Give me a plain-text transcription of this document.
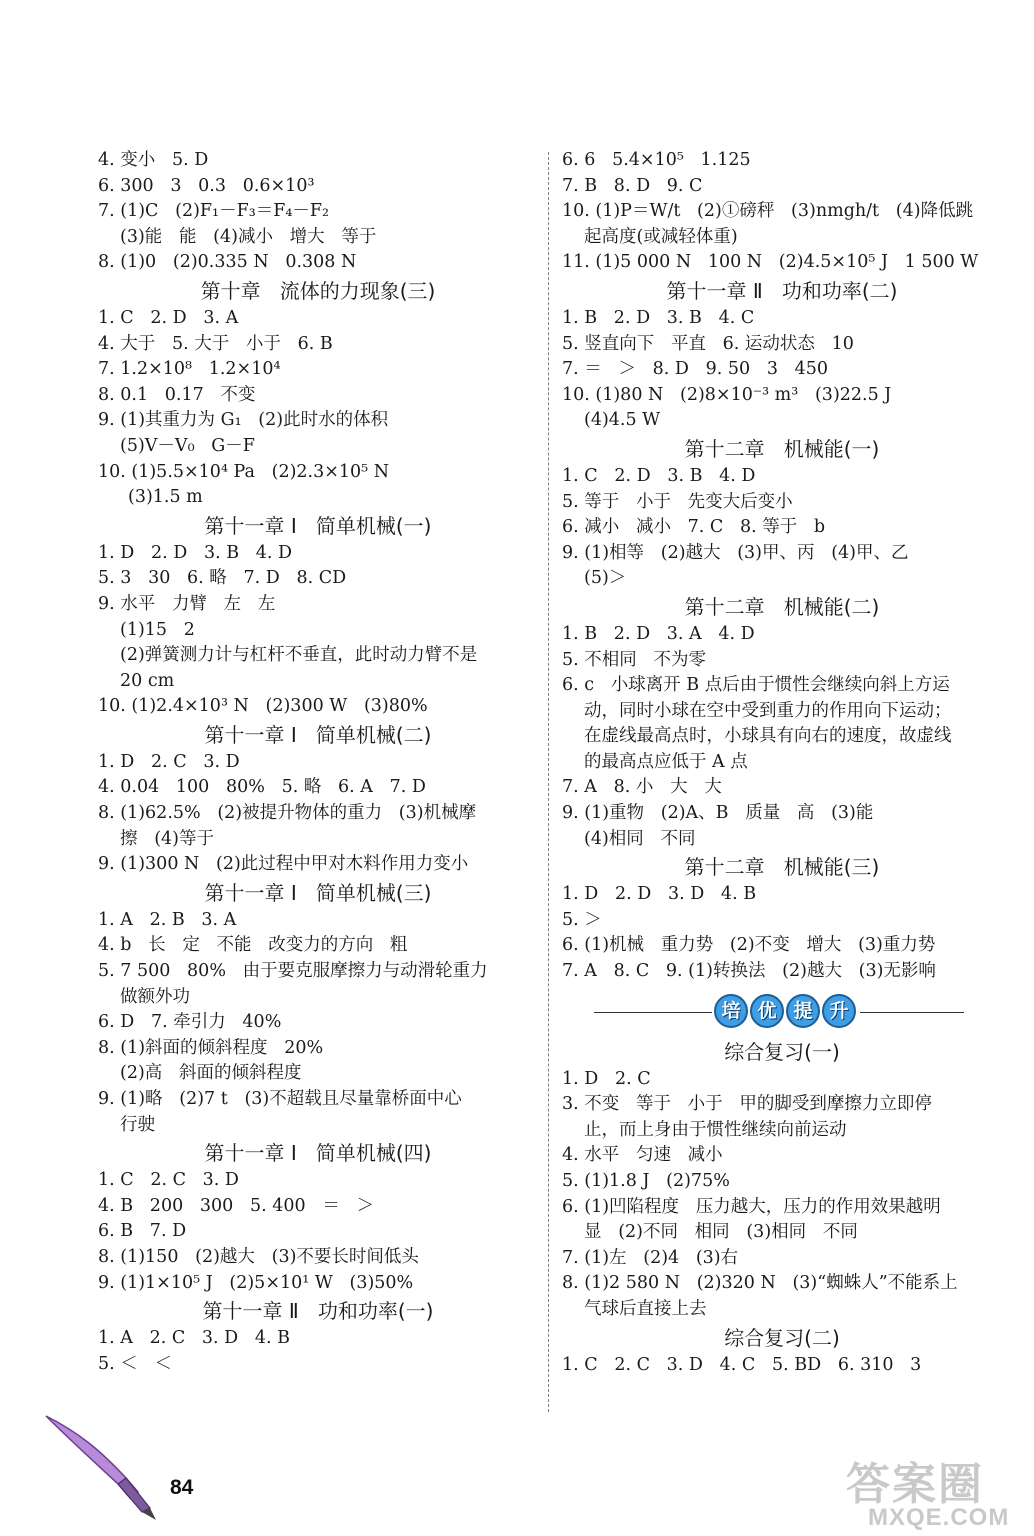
4. 变小   5. D
6. 300   3   0.3   0.6×10³
7. (1)C   (2)F₁－F₃＝F₄－F₂
(3)能   能   (4)减小   增大   等于
8. (1)0   (2)0.335 N   0.308 N
第十章   流体的力现象(三)
1. C   2. D   3. A
4. 大于   5. 大于   小于   6. B
7. 1.2×10⁸   1.2×10⁴
8. 0.1   0.17   不变
9. (1)其重力为 G₁   (2)此时水的体积
(5)V－V₀   G－F
10. (1)5.5×10⁴ Pa   (2)2.3×10⁵ N
(3)1.5 m
第十一章 Ⅰ   简单机械(一)
1. D   2. D   3. B   4. D
5. 3   30   6. 略   7. D   8. CD
9. 水平   力臂   左   左
(1)15   2
(2)弹簧测力计与杠杆不垂直，此时动力臂不是
20 cm
10. (1)2.4×10³ N   (2)300 W   (3)80%
第十一章 Ⅰ   简单机械(二)
1. D   2. C   3. D
4. 0.04   100   80%   5. 略   6. A   7. D
8. (1)62.5%   (2)被提升物体的重力   (3)机械摩
擦   (4)等于
9. (1)300 N   (2)此过程中甲对木料作用力变小
第十一章 Ⅰ   简单机械(三)
1. A   2. B   3. A
4. b   长   定   不能   改变力的方向   粗
5. 7 500   80%   由于要克服摩擦力与动滑轮重力
做额外功
6. D   7. 牵引力   40%
8. (1)斜面的倾斜程度   20%
(2)高   斜面的倾斜程度
9. (1)略   (2)7 t   (3)不超载且尽量靠桥面中心
行驶
第十一章 Ⅰ   简单机械(四)
1. C   2. C   3. D
4. B   200   300   5. 400   ＝   ＞
6. B   7. D
8. (1)150   (2)越大   (3)不要长时间低头
9. (1)1×10⁵ J   (2)5×10¹ W   (3)50%
第十一章 Ⅱ   功和功率(一)
1. A   2. C   3. D   4. B
5. ＜   ＜
6. 6   5.4×10⁵   1.125
7. B   8. D   9. C
10. (1)P＝W/t   (2)①磅秤   (3)nmgh/t   (4)降低跳
起高度(或减轻体重)
11. (1)5 000 N   100 N   (2)4.5×10⁵ J   1 500 W
第十一章 Ⅱ   功和功率(二)
1. B   2. D   3. B   4. C
5. 竖直向下   平直   6. 运动状态   10
7. ＝   ＞   8. D   9. 50   3   450
10. (1)80 N   (2)8×10⁻³ m³   (3)22.5 J
(4)4.5 W
第十二章   机械能(一)
1. C   2. D   3. B   4. D
5. 等于   小于   先变大后变小
6. 减小   减小   7. C   8. 等于   b
9. (1)相等   (2)越大   (3)甲、丙   (4)甲、乙
(5)＞
第十二章   机械能(二)
1. B   2. D   3. A   4. D
5. 不相同   不为零
6. c   小球离开 B 点后由于惯性会继续向斜上方运
动，同时小球在空中受到重力的作用向下运动；
在虚线最高点时，小球具有向右的速度，故虚线
的最高点应低于 A 点
7. A   8. 小   大   大
9. (1)重物   (2)A、B   质量   高   (3)能
(4)相同   不同
第十二章   机械能(三)
1. D   2. D   3. D   4. B
5. ＞
6. (1)机械   重力势   (2)不变   增大   (3)重力势
7. A   8. C   9. (1)转换法   (2)越大   (3)无影响
培 优 提 升
综合复习(一)
1. D   2. C
3. 不变   等于   小于   甲的脚受到摩擦力立即停
止，而上身由于惯性继续向前运动
4. 水平   匀速   减小
5. (1)1.8 J   (2)75%
6. (1)凹陷程度   压力越大，压力的作用效果越明
显   (2)不同   相同   (3)相同   不同
7. (1)左   (2)4   (3)右
8. (1)2 580 N   (2)320 N   (3)“蜘蛛人”不能系上
气球后直接上去
综合复习(二)
1. C   2. C   3. D   4. C   5. BD   6. 310   3
84	答案圈
MXQE.COM
